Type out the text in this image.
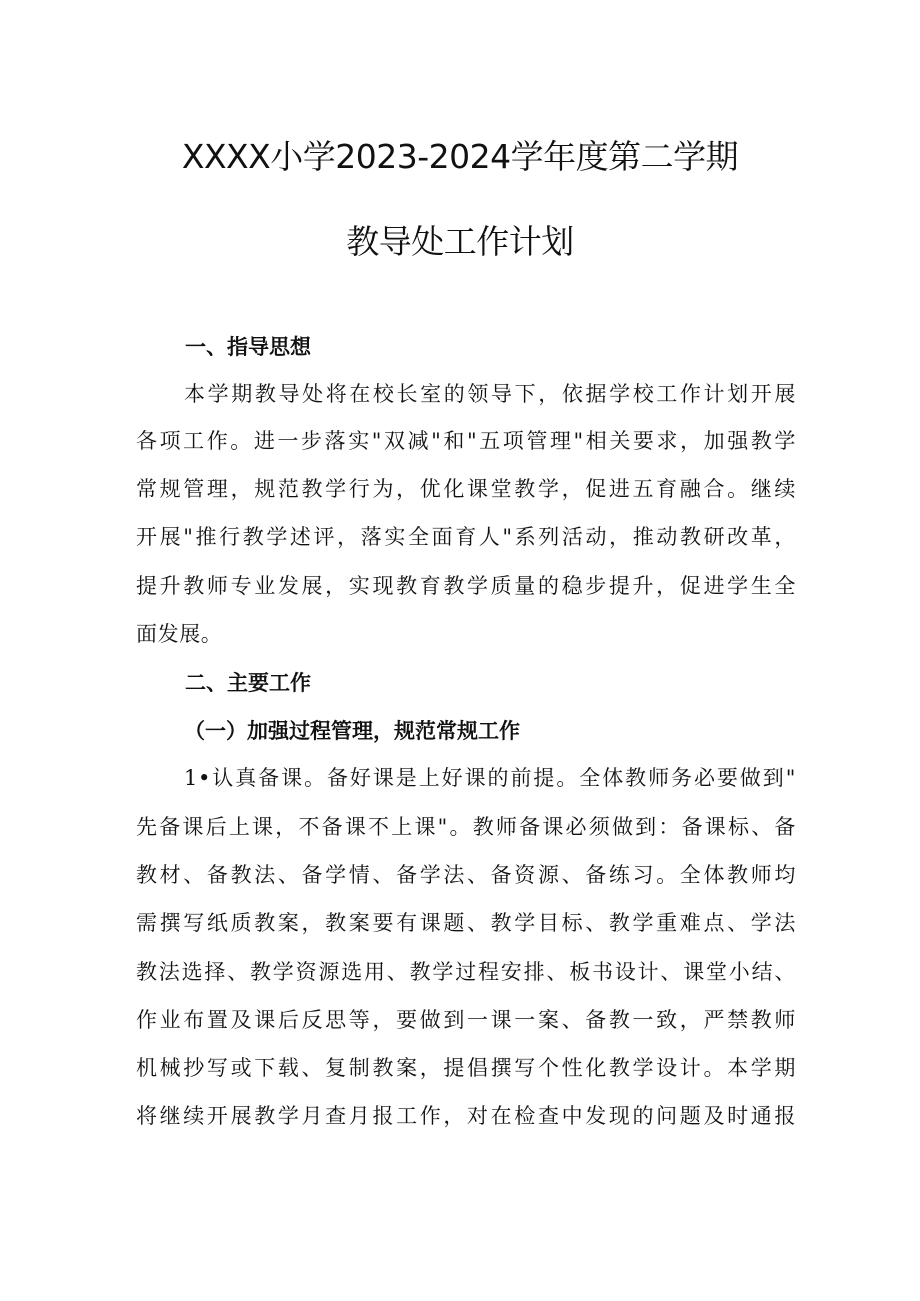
XXXX小学2023-2024学年度第二学期
教导处工作计划
一、指导思想
本学期教导处将在校长室的领导下，依据学校工作计划开展
各项工作。进一步落实"双减"和"五项管理"相关要求，加强教学
常规管理，规范教学行为，优化课堂教学，促进五育融合。继续
开展"推行教学述评，落实全面育人"系列活动，推动教研改革，
提升教师专业发展，实现教育教学质量的稳步提升，促进学生全
面发展。
二、主要工作
（一）加强过程管理，规范常规工作
1•认真备课。备好课是上好课的前提。全体教师务必要做到"
先备课后上课，不备课不上课"。教师备课必须做到：备课标、备
教材、备教法、备学情、备学法、备资源、备练习。全体教师均
需撰写纸质教案，教案要有课题、教学目标、教学重难点、学法
教法选择、教学资源选用、教学过程安排、板书设计、课堂小结、
作业布置及课后反思等，要做到一课一案、备教一致，严禁教师
机械抄写或下载、复制教案，提倡撰写个性化教学设计。本学期
将继续开展教学月查月报工作，对在检查中发现的问题及时通报
